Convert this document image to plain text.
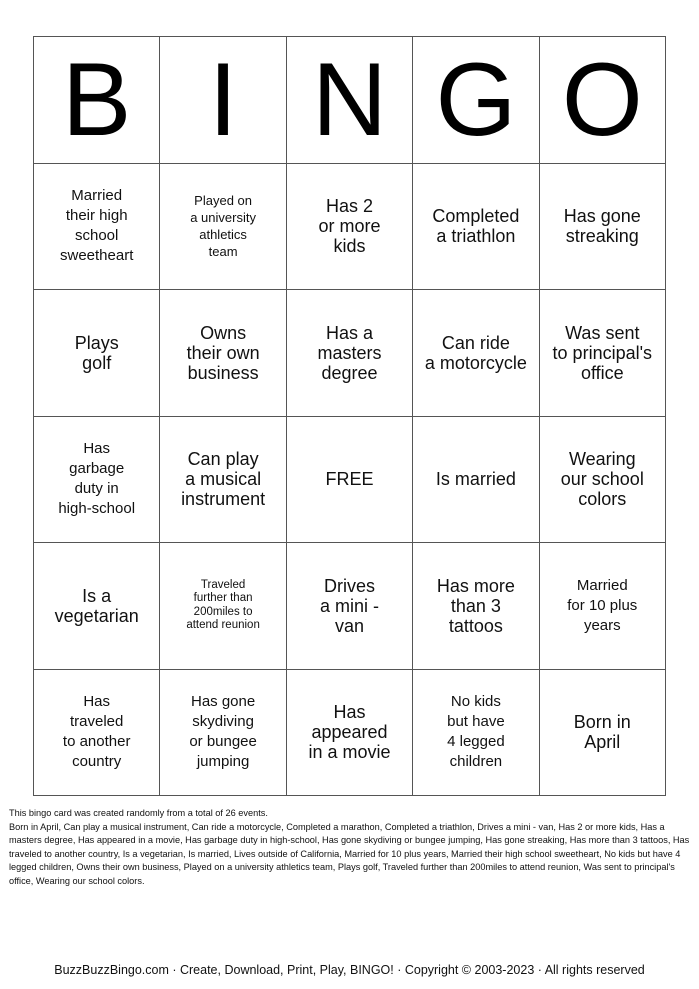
B I N G O
Married
their high
school
sweetheart
Played on
a university
athletics
team
Has 2
or more
kids
Completed
a triathlon
Has gone
streaking
Plays
golf
Owns
their own
business
Has a
masters
degree
Can ride
a motorcycle
Was sent
to principal's
office
Has
garbage
duty in
high-school
Can play
a musical
instrument
FREE	Is married
Wearing
our school
colors
Is a
vegetarian
Traveled
further than
200miles to
attend reunion
Drives
a mini -
van
Has more
than 3
tattoos
Married
for 10 plus
years
Has
traveled
to another
country
Has gone
skydiving
or bungee
jumping
Has
appeared
in a movie
No kids
but have
4 legged
children
Born in
April

This bingo card was created randomly from a total of 26 events.

Born in April, Can play a musical instrument, Can ride a motorcycle, Completed a marathon, Completed a triathlon, Drives a mini - van, Has 2 or more kids, Has a masters degree, Has appeared in a movie, Has garbage duty in high-school, Has gone skydiving or bungee jumping, Has gone streaking, Has more than 3 tattoos, Has traveled to another country, Is a vegetarian, Is married, Lives outside of California, Married for 10 plus years, Married their high school sweetheart, No kids but have 4 legged children, Owns their own business, Played on a university athletics team, Plays golf, Traveled further than 200miles to attend reunion, Was sent to principal's office, Wearing our school colors.

BuzzBuzzBingo.com · Create, Download, Print, Play, BINGO! · Copyright © 2003-2023 · All rights reserved
